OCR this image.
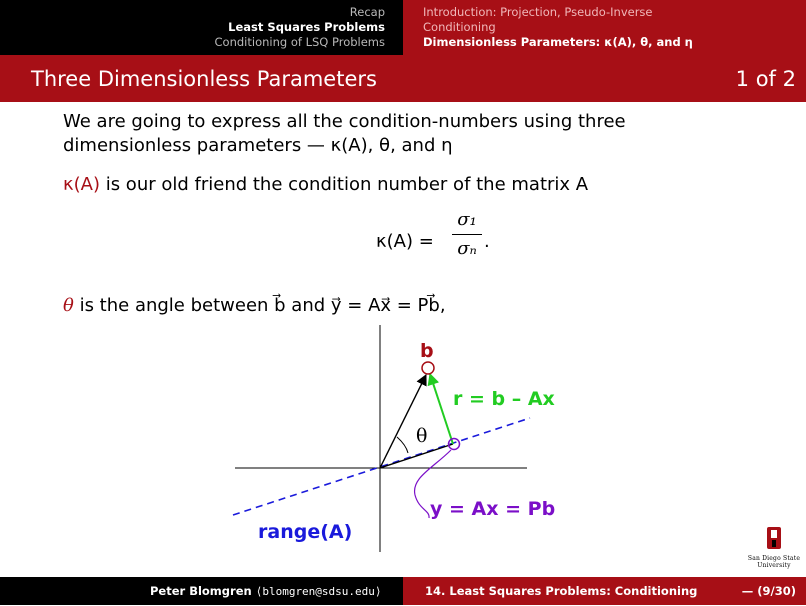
Recap
Least Squares Problems
Conditioning of LSQ Problems
Introduction: Projection, Pseudo-Inverse
Conditioning
Dimensionless Parameters: κ(A), θ, and η
Three Dimensionless Parameters	1 of 2
We are going to express all the condition-numbers using three dimensionless parameters — κ(A), θ, and η
κ(A) is our old friend the condition number of the matrix A
κ(A) =
σ₁
σₙ .
θ is the angle between b⃗ and y⃗ = Ax⃗ = Pb⃗,
b
r = b – Ax
θ
y = Ax = Pb
range(A)
San Diego State
University
Peter Blomgren ⟨blomgren@sdsu.edu⟩	14. Least Squares Problems: Conditioning	— (9/30)
